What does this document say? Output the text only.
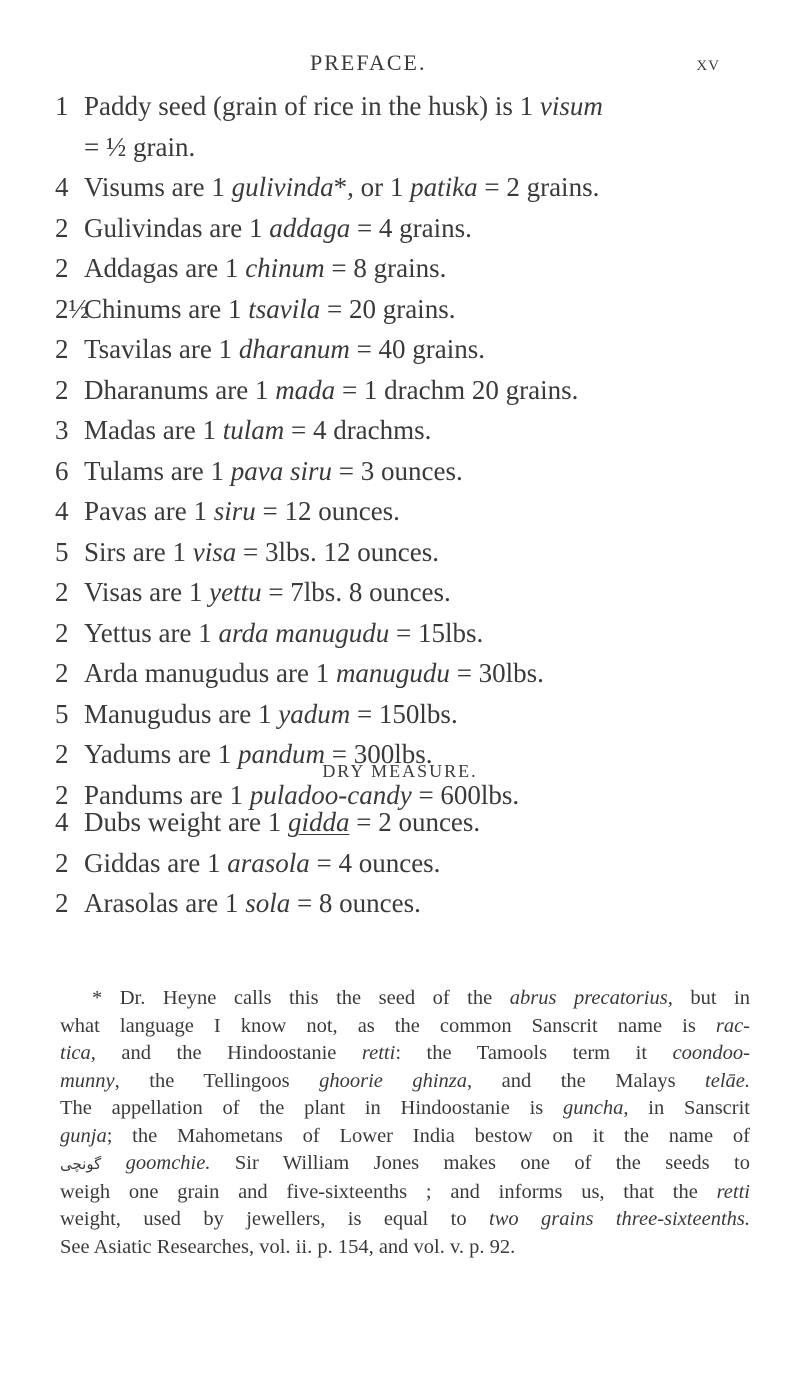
PREFACE.	xv
1 Paddy seed (grain of rice in the husk) is 1 visum
= ½ grain.
4 Visums are 1 gulivinda*, or 1 patika = 2 grains.
2 Gulivindas are 1 addaga = 4 grains.
2 Addagas are 1 chinum = 8 grains.
2½Chinums are 1 tsavila = 20 grains.
2 Tsavilas are 1 dharanum = 40 grains.
2 Dharanums are 1 mada = 1 drachm 20 grains.
3 Madas are 1 tulam = 4 drachms.
6 Tulams are 1 pava siru = 3 ounces.
4 Pavas are 1 siru = 12 ounces.
5 Sirs are 1 visa = 3lbs. 12 ounces.
2 Visas are 1 yettu = 7lbs. 8 ounces.
2 Yettus are 1 arda manugudu = 15lbs.
2 Arda manugudus are 1 manugudu = 30lbs.
5 Manugudus are 1 yadum = 150lbs.
2 Yadums are 1 pandum = 300lbs.
2 Pandums are 1 puladoo-candy = 600lbs.
DRY MEASURE.
4 Dubs weight are 1 gidda = 2 ounces.
2 Giddas are 1 arasola = 4 ounces.
2 Arasolas are 1 sola = 8 ounces.
* Dr. Heyne calls this the seed of the abrus precatorius, but in
what language I know not, as the common Sanscrit name is rac-
tica, and the Hindoostanie retti: the Tamools term it coondoo-
munny, the Tellingoos ghoorie ghinza, and the Malays telāe.
The appellation of the plant in Hindoostanie is guncha, in Sanscrit
gunja; the Mahometans of Lower India bestow on it the name of
گونچی goomchie. Sir William Jones makes one of the seeds to
weigh one grain and five-sixteenths ; and informs us, that the retti
weight, used by jewellers, is equal to two grains three-sixteenths.
See Asiatic Researches, vol. ii. p. 154, and vol. v. p. 92.
